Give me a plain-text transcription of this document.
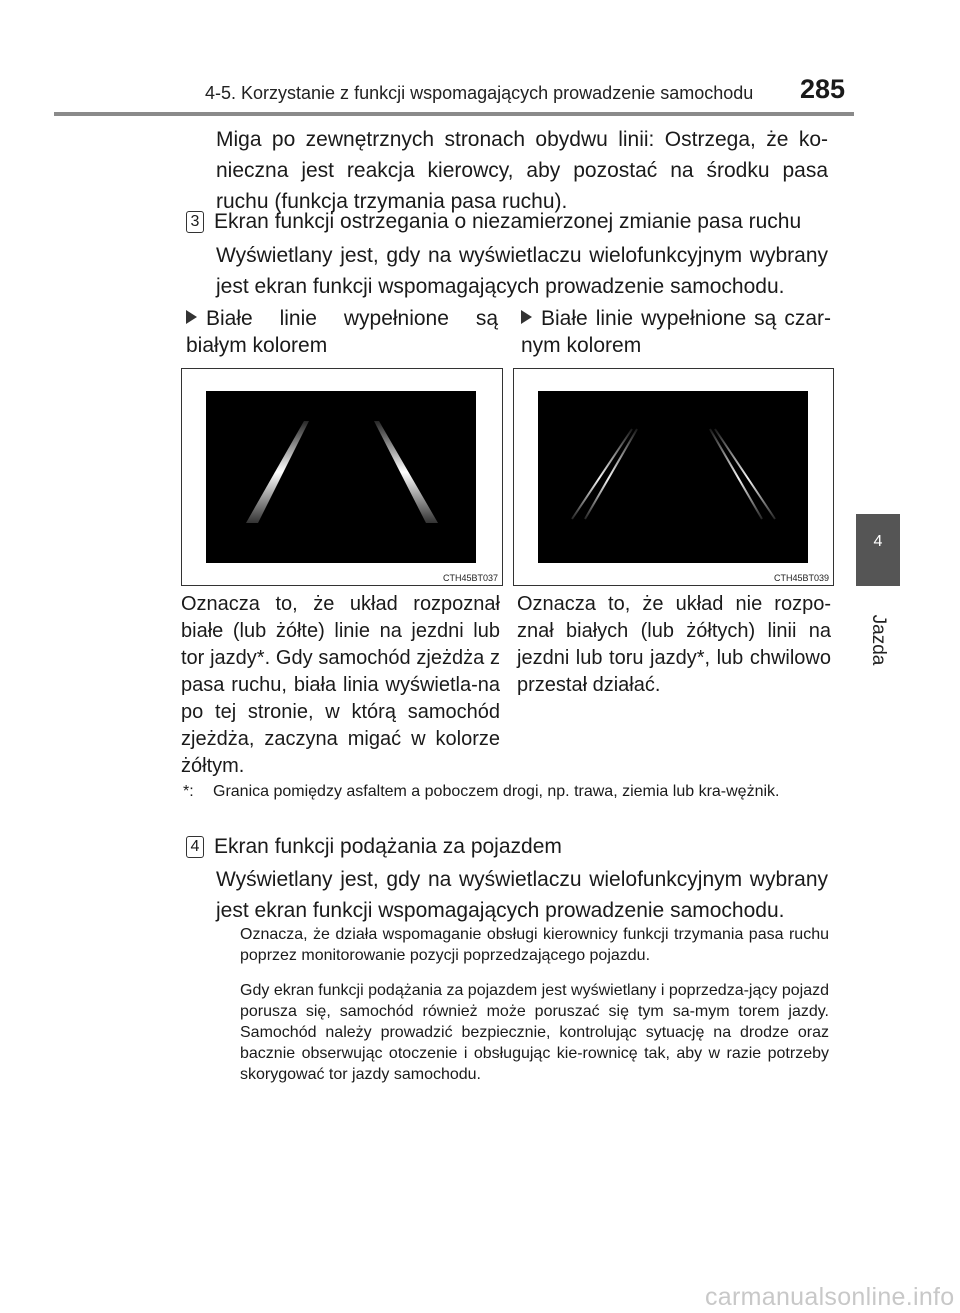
4-5. Korzystanie z funkcji wspomagających prowadzenie samochodu 285
4
Jazda
Miga po zewnętrznych stronach obydwu linii: Ostrzega, że ko-nieczna jest reakcja kierowcy, aby pozostać na środku pasa ruchu (funkcja trzymania pasa ruchu).
3 Ekran funkcji ostrzegania o niezamierzonej zmianie pasa ruchu
Wyświetlany jest, gdy na wyświetlaczu wielofunkcyjnym wybrany jest ekran funkcji wspomagających prowadzenie samochodu.
Białe linie wypełnione są białym kolorem
Białe linie wypełnione są czar-nym kolorem
CTH45BT037	CTH45BT039
Oznacza to, że układ rozpoznał białe (lub żółte) linie na jezdni lub tor jazdy*. Gdy samochód zjeżdża z pasa ruchu, biała linia wyświetla-na po tej stronie, w którą samochód zjeżdża, zaczyna migać w kolorze żółtym.
Oznacza to, że układ nie rozpo-znał białych (lub żółtych) linii na jezdni lub toru jazdy*, lub chwilowo przestał działać.
*:	Granica pomiędzy asfaltem a poboczem drogi, np. trawa, ziemia lub kra-wężnik.
4 Ekran funkcji podążania za pojazdem
Wyświetlany jest, gdy na wyświetlaczu wielofunkcyjnym wybrany jest ekran funkcji wspomagających prowadzenie samochodu.
Oznacza, że działa wspomaganie obsługi kierownicy funkcji trzymania pasa ruchu poprzez monitorowanie pozycji poprzedzającego pojazdu.
Gdy ekran funkcji podążania za pojazdem jest wyświetlany i poprzedza-jący pojazd porusza się, samochód również może poruszać się tym sa-mym torem jazdy. Samochód należy prowadzić bezpiecznie, kontrolując sytuację na drodze oraz bacznie obserwując otoczenie i obsługując kie-rownicę tak, aby w razie potrzeby skorygować tor jazdy samochodu.
carmanualsonline.info
